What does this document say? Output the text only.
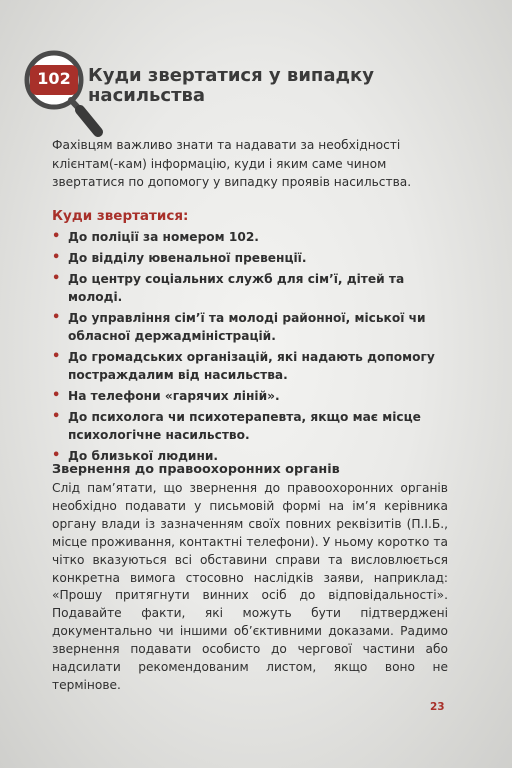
102 Куди звертатися у випадку насильства

Фахівцям важливо знати та надавати за необхідності клієнтам(-кам) інформацію, куди і яким саме чином звертатися по допомогу у випадку проявів насильства.

Куди звертатися:
• До поліції за номером 102.
• До відділу ювенальної превенції.
• До центру соціальних служб для сім’ї, дітей та молоді.
• До управління сім’ї та молоді районної, міської чи обласної держадміністрацій.
• До громадських організацій, які надають допомогу постраждалим від насильства.
• На телефони «гарячих ліній».
• До психолога чи психотерапевта, якщо має місце психологічне насильство.
• До близької людини.
Звернення до правоохоронних органів

Слід пам’ятати, що звернення до правоохоронних органів необхідно подавати у письмовій формі на ім’я керівника органу влади із зазначенням своїх повних реквізитів (П.І.Б., місце проживання, контактні телефони). У ньому коротко та чітко вказуються всі обставини справи та висловлюється конкретна вимога стосовно наслідків заяви, наприклад: «Прошу притягнути винних осіб до відповідальності». Подавайте факти, які можуть бути підтверджені документально чи іншими об’єктивними доказами. Радимо звернення подавати особисто до чергової частини або надсилати рекомендованим листом, якщо воно не термінове.

23
